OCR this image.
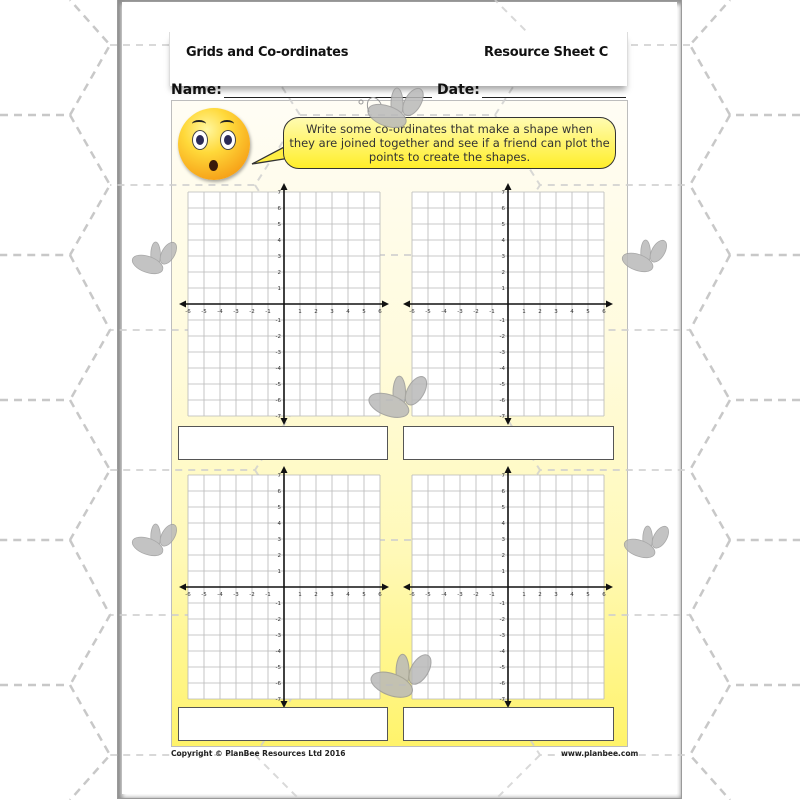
Grids and Co-ordinates	Resource Sheet C
Name:	Date:
Write some co-ordinates that make a shape when
they are joined together and see if a friend can plot the
points to create the shapes.
-6 -5 -4 -3 -2 -1	1 2 3 4 5 6
7
6
5
4
3
2
1
-1
-2
-3
-4
-5
-6
-7
-6 -5 -4 -3 -2 -1	1 2 3 4 5 6
7
6
5
4
3
2
1
-1
-2
-3
-4
-5
-6
-7
-6 -5 -4 -3 -2 -1	1 2 3 4 5 6
7
6
5
4
3
2
1
-1
-2
-3
-4
-5
-6
-7
-6 -5 -4 -3 -2 -1	1 2 3 4 5 6
7
6
5
4
3
2
1
-1
-2
-3
-4
-5
-6
-7
Copyright © PlanBee Resources Ltd 2016	www.planbee.com
